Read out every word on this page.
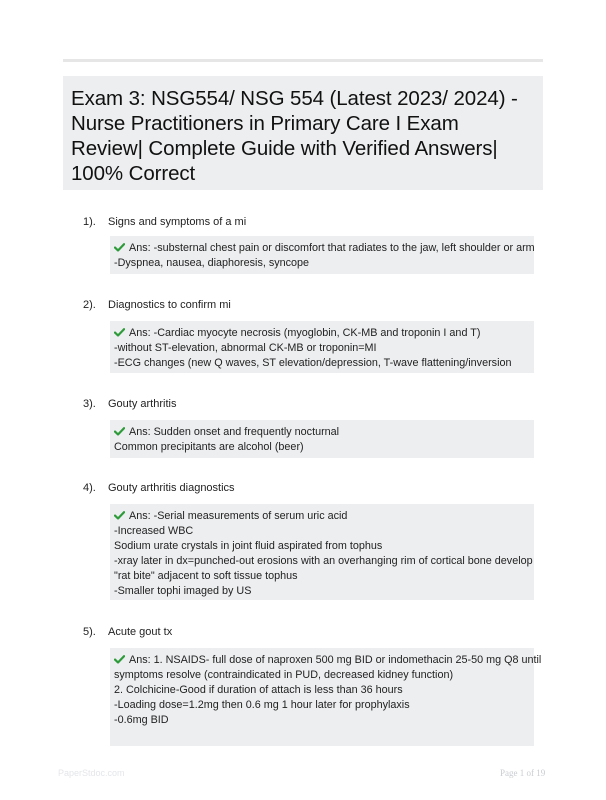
Exam 3: NSG554/ NSG 554 (Latest 2023/ 2024) - Nurse Practitioners in Primary Care I Exam Review| Complete Guide with Verified Answers| 100% Correct
1). Signs and symptoms of a mi
Ans: -substernal chest pain or discomfort that radiates to the jaw, left shoulder or arm
-Dyspnea, nausea, diaphoresis, syncope
2). Diagnostics to confirm mi
Ans: -Cardiac myocyte necrosis (myoglobin, CK-MB and troponin I and T)
-without ST-elevation, abnormal CK-MB or troponin=MI
-ECG changes (new Q waves, ST elevation/depression, T-wave flattening/inversion
3). Gouty arthritis
Ans: Sudden onset and frequently nocturnal
Common precipitants are alcohol (beer)
4). Gouty arthritis diagnostics
Ans: -Serial measurements of serum uric acid
-Increased WBC
Sodium urate crystals in joint fluid aspirated from tophus
-xray later in dx=punched-out erosions with an overhanging rim of cortical bone develop
"rat bite" adjacent to soft tissue tophus
-Smaller tophi imaged by US
5). Acute gout tx
Ans: 1. NSAIDS- full dose of naproxen 500 mg BID or indomethacin 25-50 mg Q8 until
symptoms resolve (contraindicated in PUD, decreased kidney function)
2. Colchicine-Good if duration of attach is less than 36 hours
-Loading dose=1.2mg then 0.6 mg 1 hour later for prophylaxis
-0.6mg BID
PaperStdoc.com	Page 1 of 19
